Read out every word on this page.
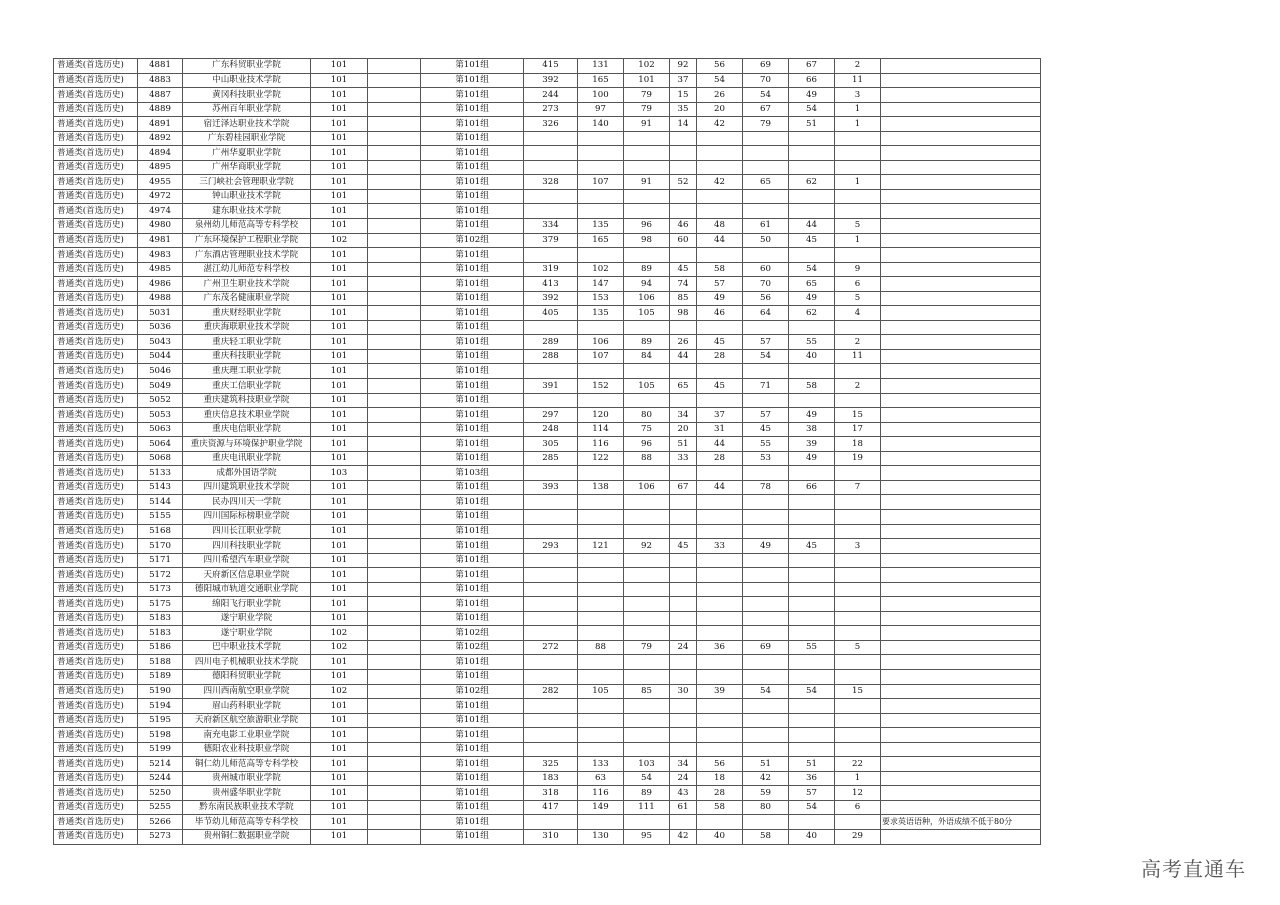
普通类(首选历史)	4881	广东科贸职业学院	101		第101组	415	131	102	92	56	69	67	2	
普通类(首选历史)	4883	中山职业技术学院	101		第101组	392	165	101	37	54	70	66	11	
普通类(首选历史)	4887	黄冈科技职业学院	101		第101组	244	100	79	15	26	54	49	3	
普通类(首选历史)	4889	苏州百年职业学院	101		第101组	273	97	79	35	20	67	54	1	
普通类(首选历史)	4891	宿迁泽达职业技术学院	101		第101组	326	140	91	14	42	79	51	1	
普通类(首选历史)	4892	广东碧桂园职业学院	101		第101组									
普通类(首选历史)	4894	广州华夏职业学院	101		第101组									
普通类(首选历史)	4895	广州华商职业学院	101		第101组									
普通类(首选历史)	4955	三门峡社会管理职业学院	101		第101组	328	107	91	52	42	65	62	1	
普通类(首选历史)	4972	钟山职业技术学院	101		第101组									
普通类(首选历史)	4974	建东职业技术学院	101		第101组									
普通类(首选历史)	4980	泉州幼儿师范高等专科学校	101		第101组	334	135	96	46	48	61	44	5	
普通类(首选历史)	4981	广东环境保护工程职业学院	102		第102组	379	165	98	60	44	50	45	1	
普通类(首选历史)	4983	广东酒店管理职业技术学院	101		第101组									
普通类(首选历史)	4985	湛江幼儿师范专科学校	101		第101组	319	102	89	45	58	60	54	9	
普通类(首选历史)	4986	广州卫生职业技术学院	101		第101组	413	147	94	74	57	70	65	6	
普通类(首选历史)	4988	广东茂名健康职业学院	101		第101组	392	153	106	85	49	56	49	5	
普通类(首选历史)	5031	重庆财经职业学院	101		第101组	405	135	105	98	46	64	62	4	
普通类(首选历史)	5036	重庆海联职业技术学院	101		第101组									
普通类(首选历史)	5043	重庆轻工职业学院	101		第101组	289	106	89	26	45	57	55	2	
普通类(首选历史)	5044	重庆科技职业学院	101		第101组	288	107	84	44	28	54	40	11	
普通类(首选历史)	5046	重庆理工职业学院	101		第101组									
普通类(首选历史)	5049	重庆工信职业学院	101		第101组	391	152	105	65	45	71	58	2	
普通类(首选历史)	5052	重庆建筑科技职业学院	101		第101组									
普通类(首选历史)	5053	重庆信息技术职业学院	101		第101组	297	120	80	34	37	57	49	15	
普通类(首选历史)	5063	重庆电信职业学院	101		第101组	248	114	75	20	31	45	38	17	
普通类(首选历史)	5064	重庆资源与环境保护职业学院	101		第101组	305	116	96	51	44	55	39	18	
普通类(首选历史)	5068	重庆电讯职业学院	101		第101组	285	122	88	33	28	53	49	19	
普通类(首选历史)	5133	成都外国语学院	103		第103组									
普通类(首选历史)	5143	四川建筑职业技术学院	101		第101组	393	138	106	67	44	78	66	7	
普通类(首选历史)	5144	民办四川天一学院	101		第101组									
普通类(首选历史)	5155	四川国际标榜职业学院	101		第101组									
普通类(首选历史)	5168	四川长江职业学院	101		第101组									
普通类(首选历史)	5170	四川科技职业学院	101		第101组	293	121	92	45	33	49	45	3	
普通类(首选历史)	5171	四川希望汽车职业学院	101		第101组									
普通类(首选历史)	5172	天府新区信息职业学院	101		第101组									
普通类(首选历史)	5173	德阳城市轨道交通职业学院	101		第101组									
普通类(首选历史)	5175	绵阳飞行职业学院	101		第101组									
普通类(首选历史)	5183	遂宁职业学院	101		第101组									
普通类(首选历史)	5183	遂宁职业学院	102		第102组									
普通类(首选历史)	5186	巴中职业技术学院	102		第102组	272	88	79	24	36	69	55	5	
普通类(首选历史)	5188	四川电子机械职业技术学院	101		第101组									
普通类(首选历史)	5189	德阳科贸职业学院	101		第101组									
普通类(首选历史)	5190	四川西南航空职业学院	102		第102组	282	105	85	30	39	54	54	15	
普通类(首选历史)	5194	眉山药科职业学院	101		第101组									
普通类(首选历史)	5195	天府新区航空旅游职业学院	101		第101组									
普通类(首选历史)	5198	南充电影工业职业学院	101		第101组									
普通类(首选历史)	5199	德阳农业科技职业学院	101		第101组									
普通类(首选历史)	5214	铜仁幼儿师范高等专科学校	101		第101组	325	133	103	34	56	51	51	22	
普通类(首选历史)	5244	贵州城市职业学院	101		第101组	183	63	54	24	18	42	36	1	
普通类(首选历史)	5250	贵州盛华职业学院	101		第101组	318	116	89	43	28	59	57	12	
普通类(首选历史)	5255	黔东南民族职业技术学院	101		第101组	417	149	111	61	58	80	54	6	
普通类(首选历史)	5266	毕节幼儿师范高等专科学校	101		第101组									要求英语语种，外语成绩不低于80分
普通类(首选历史)	5273	贵州铜仁数据职业学院	101		第101组	310	130	95	42	40	58	40	29	
高考直通车
